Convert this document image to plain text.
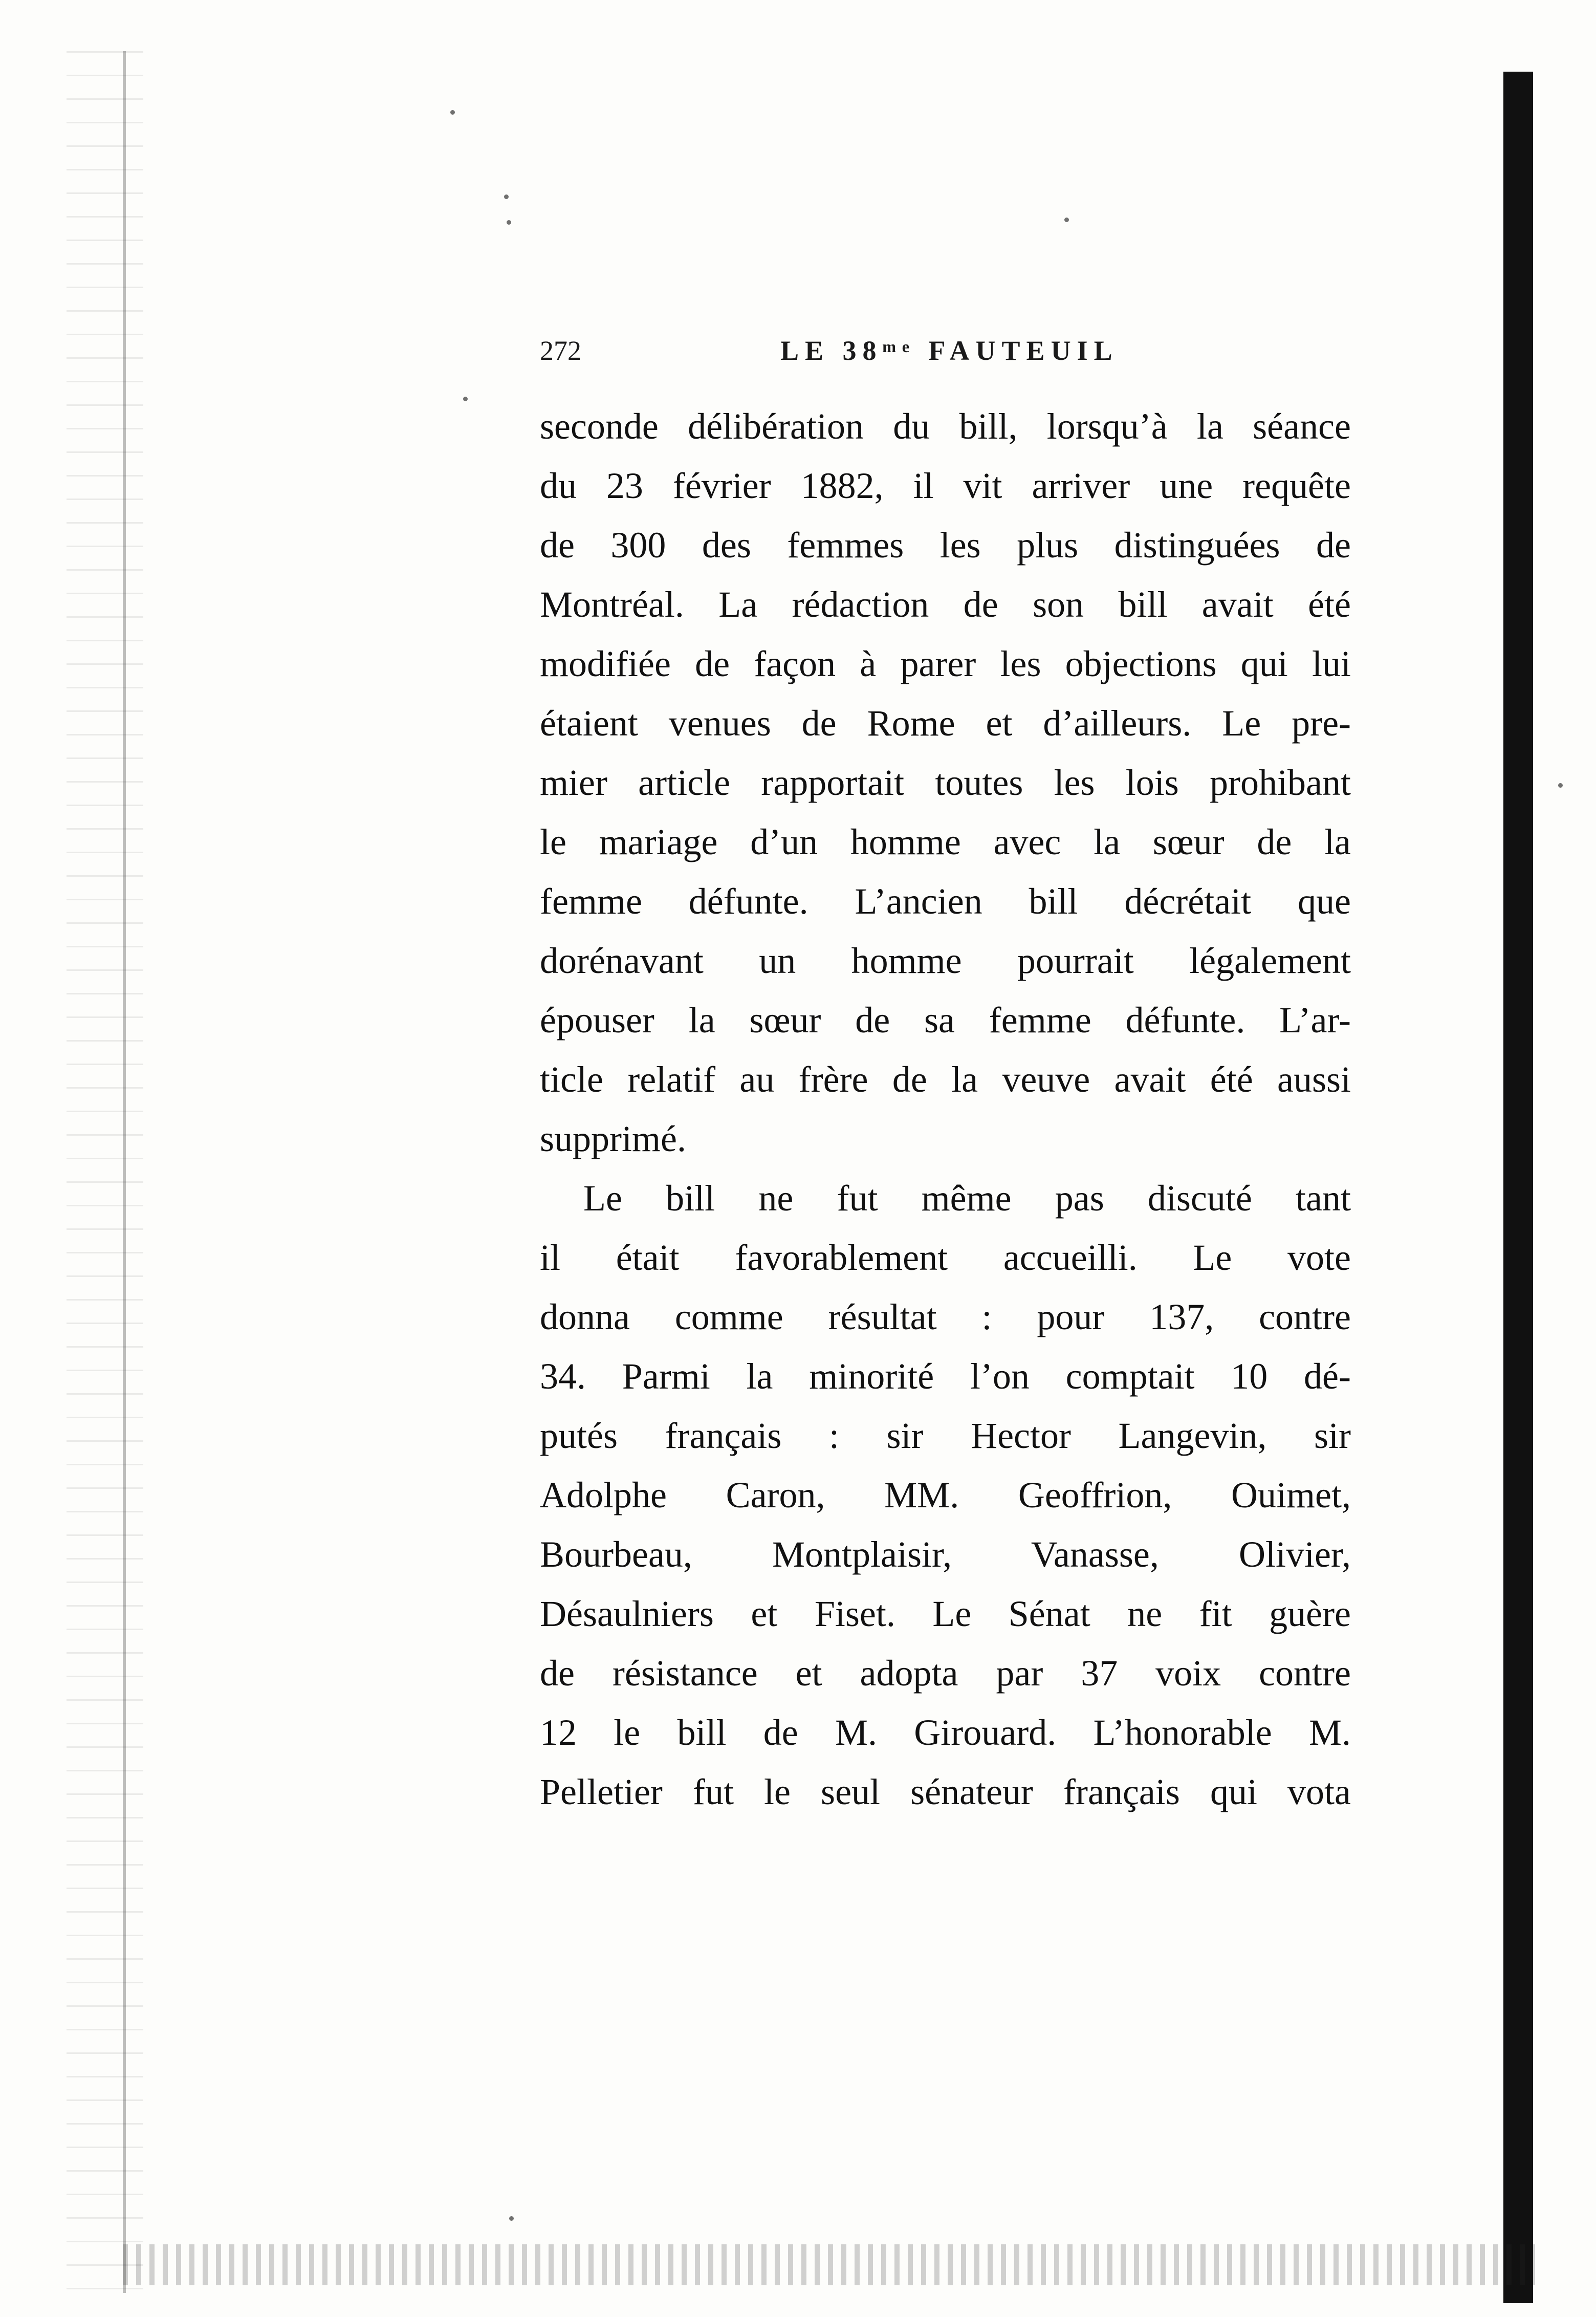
272	LE 38ᵐᵉ FAUTEUIL
seconde délibération du bill, lorsqu’à la séance
du 23 février 1882, il vit arriver une requête
de 300 des femmes les plus distinguées de
Montréal. La rédaction de son bill avait été
modifiée de façon à parer les objections qui lui
étaient venues de Rome et d’ailleurs. Le pre-
mier article rapportait toutes les lois prohibant
le mariage d’un homme avec la sœur de la
femme défunte. L’ancien bill décrétait que
dorénavant un homme pourrait légalement
épouser la sœur de sa femme défunte. L’ar-
ticle relatif au frère de la veuve avait été aussi
supprimé.
Le bill ne fut même pas discuté tant
il était favorablement accueilli. Le vote
donna comme résultat : pour 137, contre
34. Parmi la minorité l’on comptait 10 dé-
putés français : sir Hector Langevin, sir
Adolphe Caron, MM. Geoffrion, Ouimet,
Bourbeau, Montplaisir, Vanasse, Olivier,
Désaulniers et Fiset. Le Sénat ne fit guère
de résistance et adopta par 37 voix contre
12 le bill de M. Girouard. L’honorable M.
Pelletier fut le seul sénateur français qui vota
